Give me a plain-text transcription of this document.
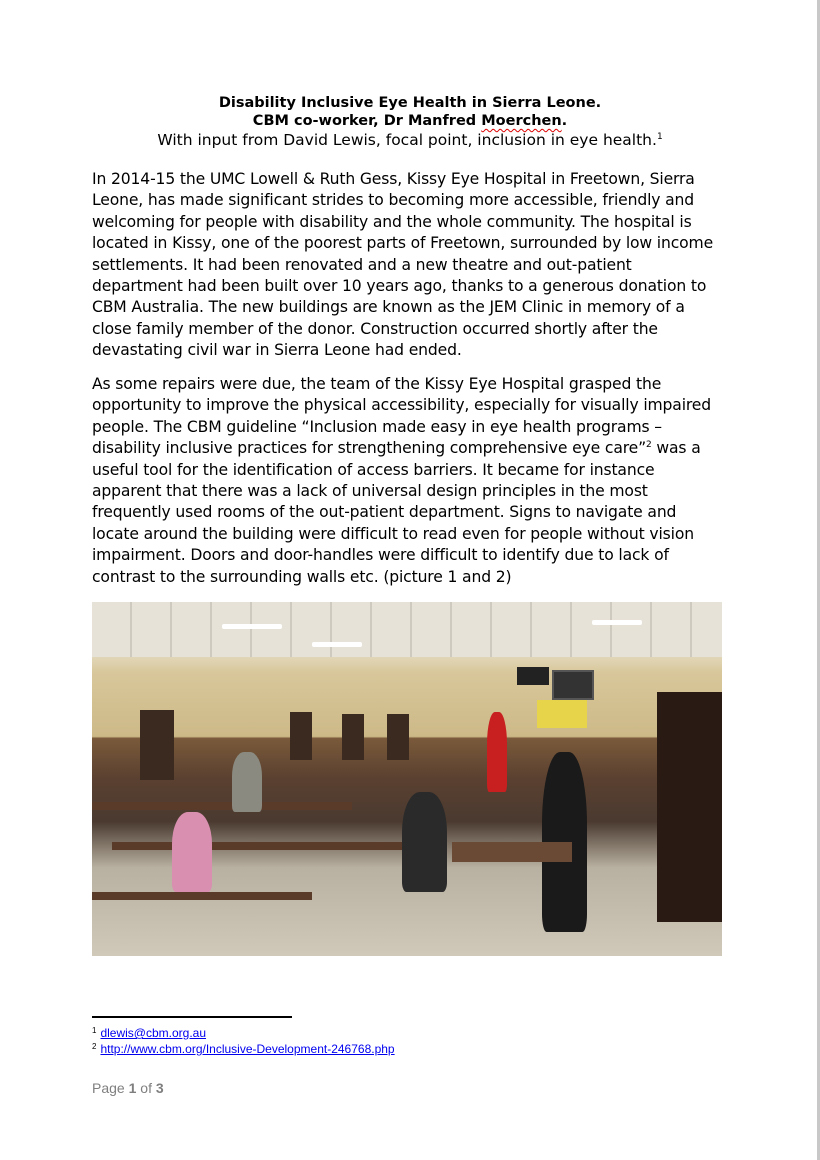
Disability Inclusive Eye Health in Sierra Leone.
CBM co-worker, Dr Manfred Moerchen.
With input from David Lewis, focal point, inclusion in eye health.$^1$
In 2014-15 the UMC Lowell & Ruth Gess, Kissy Eye Hospital in Freetown, Sierra
Leone, has made significant strides to becoming more accessible, friendly and
welcoming for people with disability and the whole community. The hospital is
located in Kissy, one of the poorest parts of Freetown, surrounded by low income
settlements. It had been renovated and a new theatre and out-patient
department had been built over 10 years ago, thanks to a generous donation to
CBM Australia. The new buildings are known as the JEM Clinic in memory of a
close family member of the donor. Construction occurred shortly after the
devastating civil war in Sierra Leone had ended.
As some repairs were due, the team of the Kissy Eye Hospital grasped the
opportunity to improve the physical accessibility, especially for visually impaired
people. The CBM guideline “Inclusion made easy in eye health programs –
disability inclusive practices for strengthening comprehensive eye care”$^2$ was a
useful tool for the identification of access barriers. It became for instance
apparent that there was a lack of universal design principles in the most
frequently used rooms of the out-patient department. Signs to navigate and
locate around the building were difficult to read even for people without vision
impairment. Doors and door-handles were difficult to identify due to lack of
contrast to the surrounding walls etc. (picture 1 and 2)
$^1$ dlewis@cbm.org.au
$^2$ http://www.cbm.org/Inclusive-Development-246768.php
Page 1 of 3
